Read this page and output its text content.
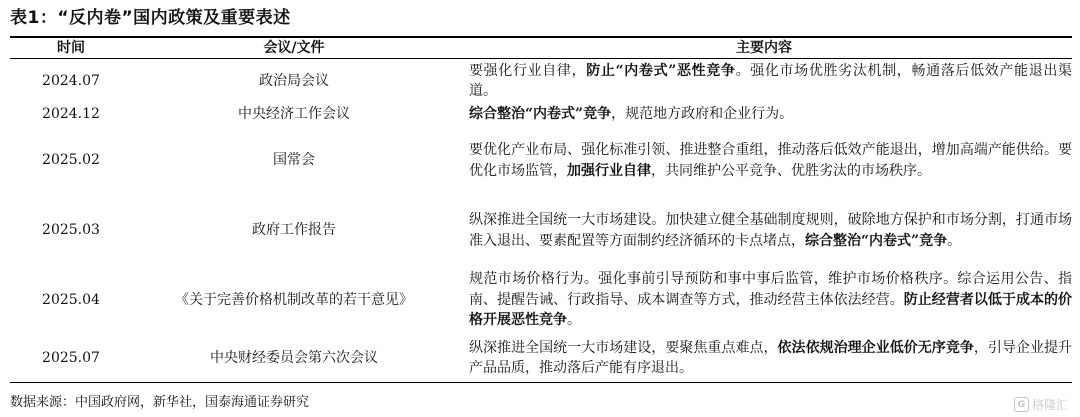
表1：“反内卷”国内政策及重要表述
时间	会议/文件	主要内容
2024.07	政治局会议	要强化行业自律，防止“内卷式”恶性竞争。强化市场优胜劣汰机制，畅通落后低效产能退出渠道。
2024.12	中央经济工作会议	综合整治“内卷式”竞争，规范地方政府和企业行为。
2025.02	国常会	要优化产业布局、强化标准引领、推进整合重组，推动落后低效产能退出，增加高端产能供给。要优化市场监管，加强行业自律，共同维护公平竞争、优胜劣汰的市场秩序。
2025.03	政府工作报告	纵深推进全国统一大市场建设。加快建立健全基础制度规则，破除地方保护和市场分割，打通市场准入退出、要素配置等方面制约经济循环的卡点堵点，综合整治“内卷式”竞争。
2025.04	《关于完善价格机制改革的若干意见》	规范市场价格行为。强化事前引导预防和事中事后监管，维护市场价格秩序。综合运用公告、指南、提醒告诫、行政指导、成本调查等方式，推动经营主体依法经营。防止经营者以低于成本的价格开展恶性竞争。
2025.07	中央财经委员会第六次会议	纵深推进全国统一大市场建设，要聚焦重点难点，依法依规治理企业低价无序竞争，引导企业提升产品品质，推动落后产能有序退出。
数据来源：中国政府网，新华社，国泰海通证券研究	G 格隆汇
